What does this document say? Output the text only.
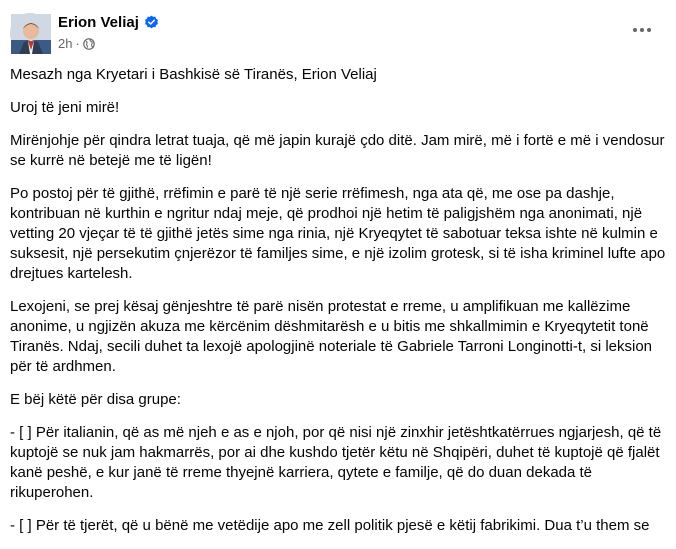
Erion Veliaj
2h ·

Mesazh nga Kryetari i Bashkisë së Tiranës, Erion Veliaj

Uroj të jeni mirë!

Mirënjohje për qindra letrat tuaja, që më japin kurajë çdo ditë. Jam mirë, më i fortë e më i vendosur se kurrë në betejë me të ligën!

Po postoj për të gjithë, rrëfimin e parë të një serie rrëfimesh, nga ata që, me ose pa dashje, kontribuan në kurthin e ngritur ndaj meje, që prodhoi një hetim të paligjshëm nga anonimati, një vetting 20 vjeçar të të gjithë jetës sime nga rinia, një Kryeqytet të sabotuar teksa ishte në kulmin e suksesit, një persekutim çnjerëzor të familjes sime, e një izolim grotesk, si të isha kriminel lufte apo drejtues kartelesh.

Lexojeni, se prej kësaj gënjeshtre të parë nisën protestat e rreme, u amplifikuan me kallëzime anonime, u ngjizën akuza me kërcënim dëshmitarësh e u bitis me shkallmimin e Kryeqytetit tonë Tiranës. Ndaj, secili duhet ta lexojë apologjinë noteriale të Gabriele Tarroni Longinotti-t, si leksion për të ardhmen.

E bëj këtë për disa grupe:

- [ ] Për italianin, që as më njeh e as e njoh, por që nisi një zinxhir jetështkatërrues ngjarjesh, që të kuptojë se nuk jam hakmarrës, por ai dhe kushdo tjetër këtu në Shqipëri, duhet të kuptojë që fjalët kanë peshë, e kur janë të rreme thyejnë karriera, qytete e familje, që do duan dekada të rikuperohen.

- [ ] Për të tjerët, që u bënë me vetëdije apo me zell politik pjesë e këtij fabrikimi. Dua t’u them se
